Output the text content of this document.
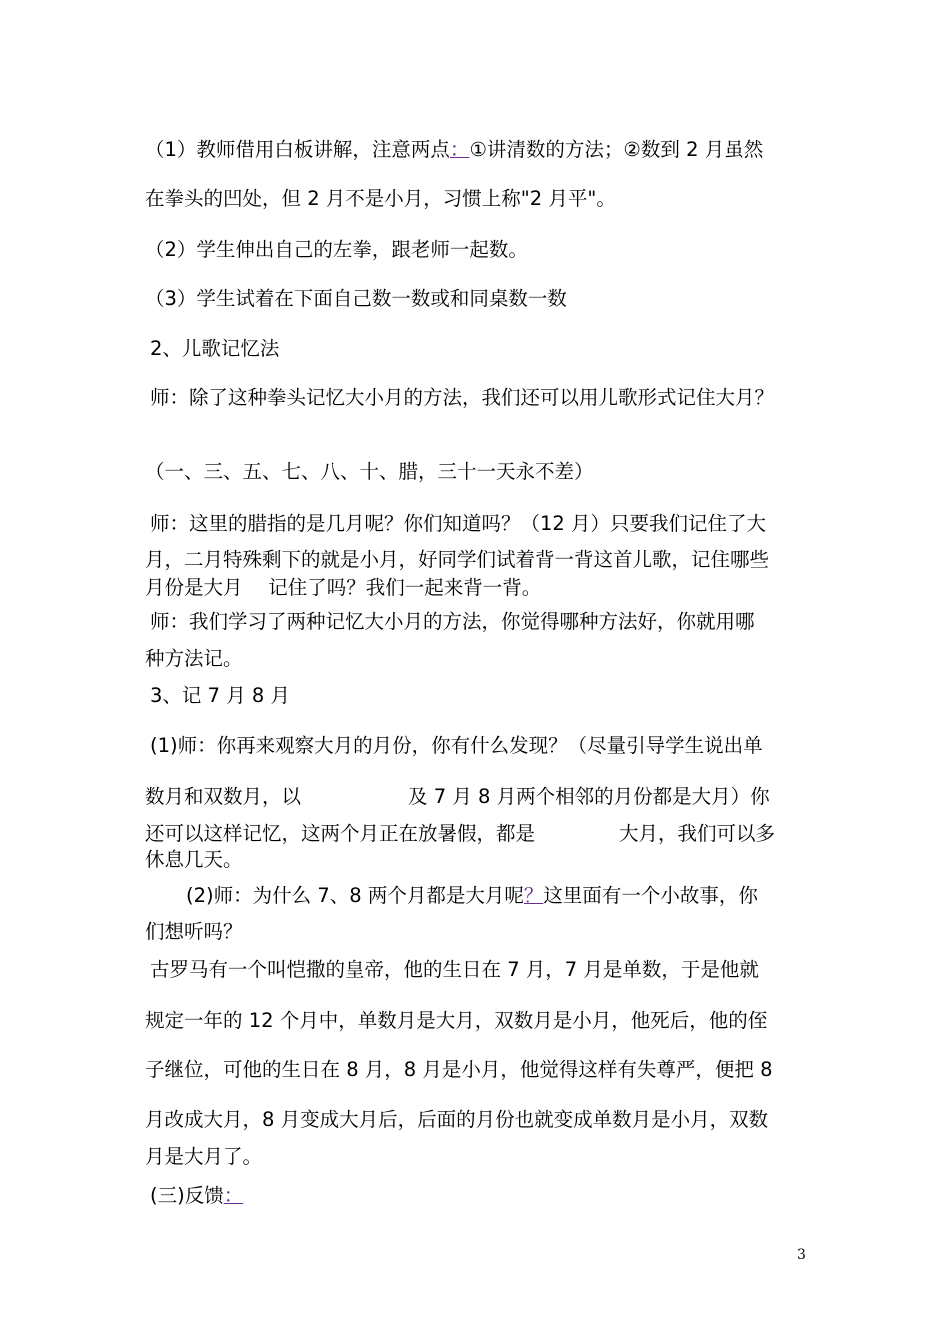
（1）教师借用白板讲解，注意两点：①讲清数的方法；②数到 2 月虽然
在拳头的凹处，但 2 月不是小月，习惯上称"2 月平"。
（2）学生伸出自己的左拳，跟老师一起数。
（3）学生试着在下面自己数一数或和同桌数一数
2、儿歌记忆法
师：除了这种拳头记忆大小月的方法，我们还可以用儿歌形式记住大月？
（一、三、五、七、八、十、腊，三十一天永不差）
师：这里的腊指的是几月呢？你们知道吗？（12 月）只要我们记住了大
月，二月特殊剩下的就是小月，好同学们试着背一背这首儿歌，记住哪些
月份是大月　 记住了吗？我们一起来背一背。
师：我们学习了两种记忆大小月的方法，你觉得哪种方法好，你就用哪
种方法记。
3、记 7 月 8 月
(1)师：你再来观察大月的月份，你有什么发现？（尽量引导学生说出单
数月和双数月，以	及 7 月 8 月两个相邻的月份都是大月）你
还可以这样记忆，这两个月正在放暑假，都是	大月，我们可以多
休息几天。
(2)师：为什么 7、8 两个月都是大月呢？这里面有一个小故事，你
们想听吗？
古罗马有一个叫恺撒的皇帝，他的生日在 7 月，7 月是单数，于是他就
规定一年的 12 个月中，单数月是大月，双数月是小月，他死后，他的侄
子继位，可他的生日在 8 月，8 月是小月，他觉得这样有失尊严，便把 8
月改成大月，8 月变成大月后，后面的月份也就变成单数月是小月，双数
月是大月了。
(三)反馈：
3
